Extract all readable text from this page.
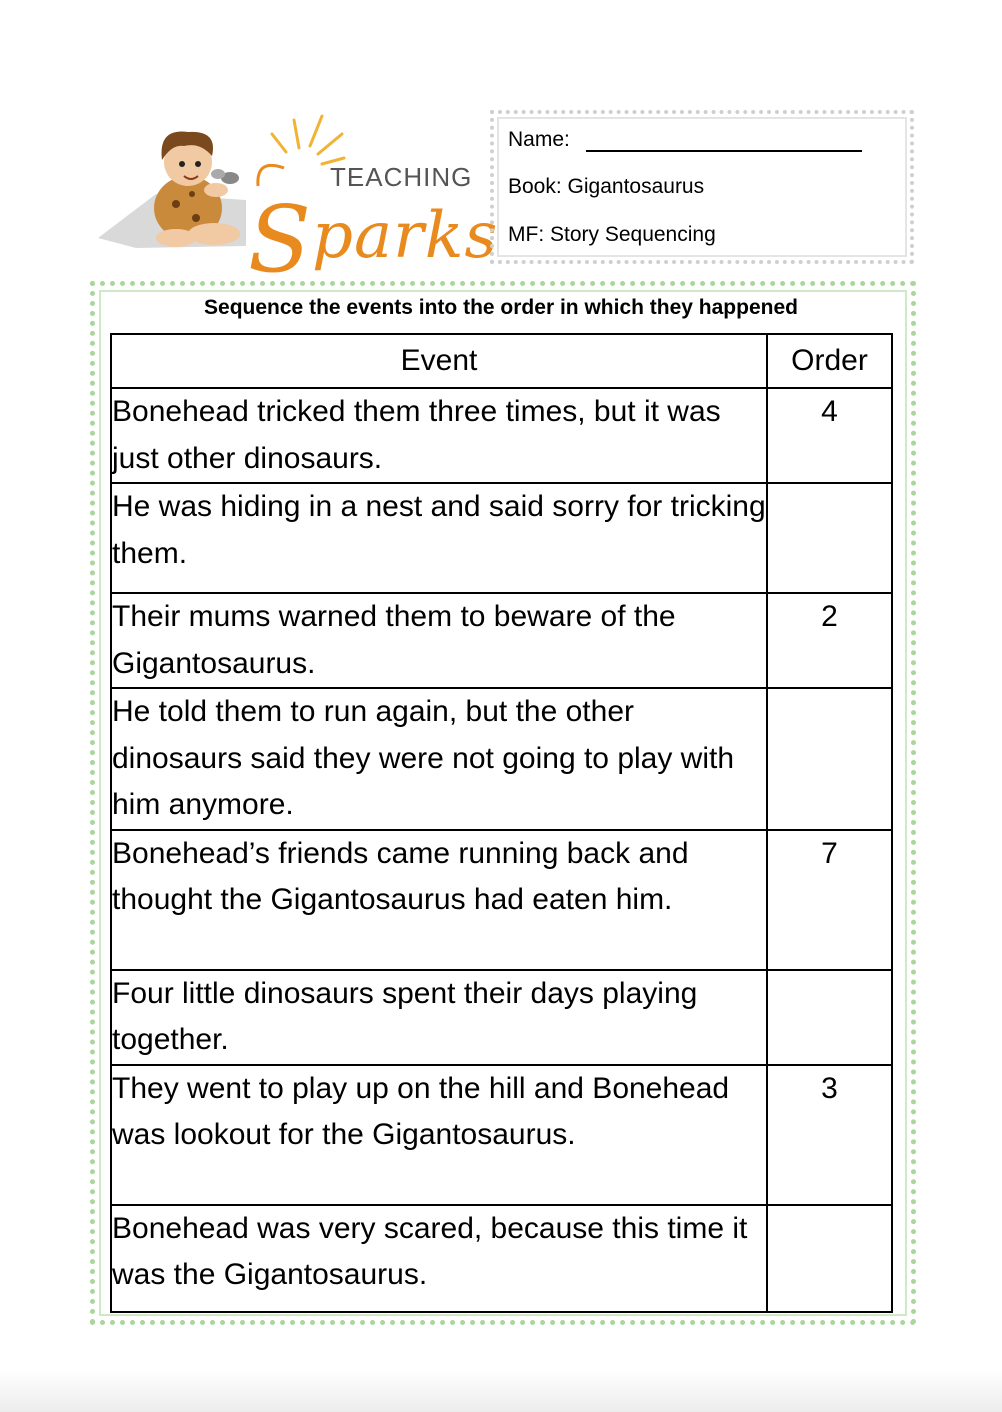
TEACHING
Sparks
Name:
Book: Gigantosaurus
MF: Story Sequencing
Sequence the events into the order in which they happened
Event	Order
Bonehead tricked them three times, but it was just other dinosaurs.	4
He was hiding in a nest and said sorry for tricking them.	
Their mums warned them to beware of the Gigantosaurus.	2
He told them to run again, but the other dinosaurs said they were not going to play with him anymore.	
Bonehead’s friends came running back and thought the Gigantosaurus had eaten him.	7
Four little dinosaurs spent their days playing together.	
They went to play up on the hill and Bonehead was lookout for the Gigantosaurus.	3
Bonehead was very scared, because this time it was the Gigantosaurus.	
